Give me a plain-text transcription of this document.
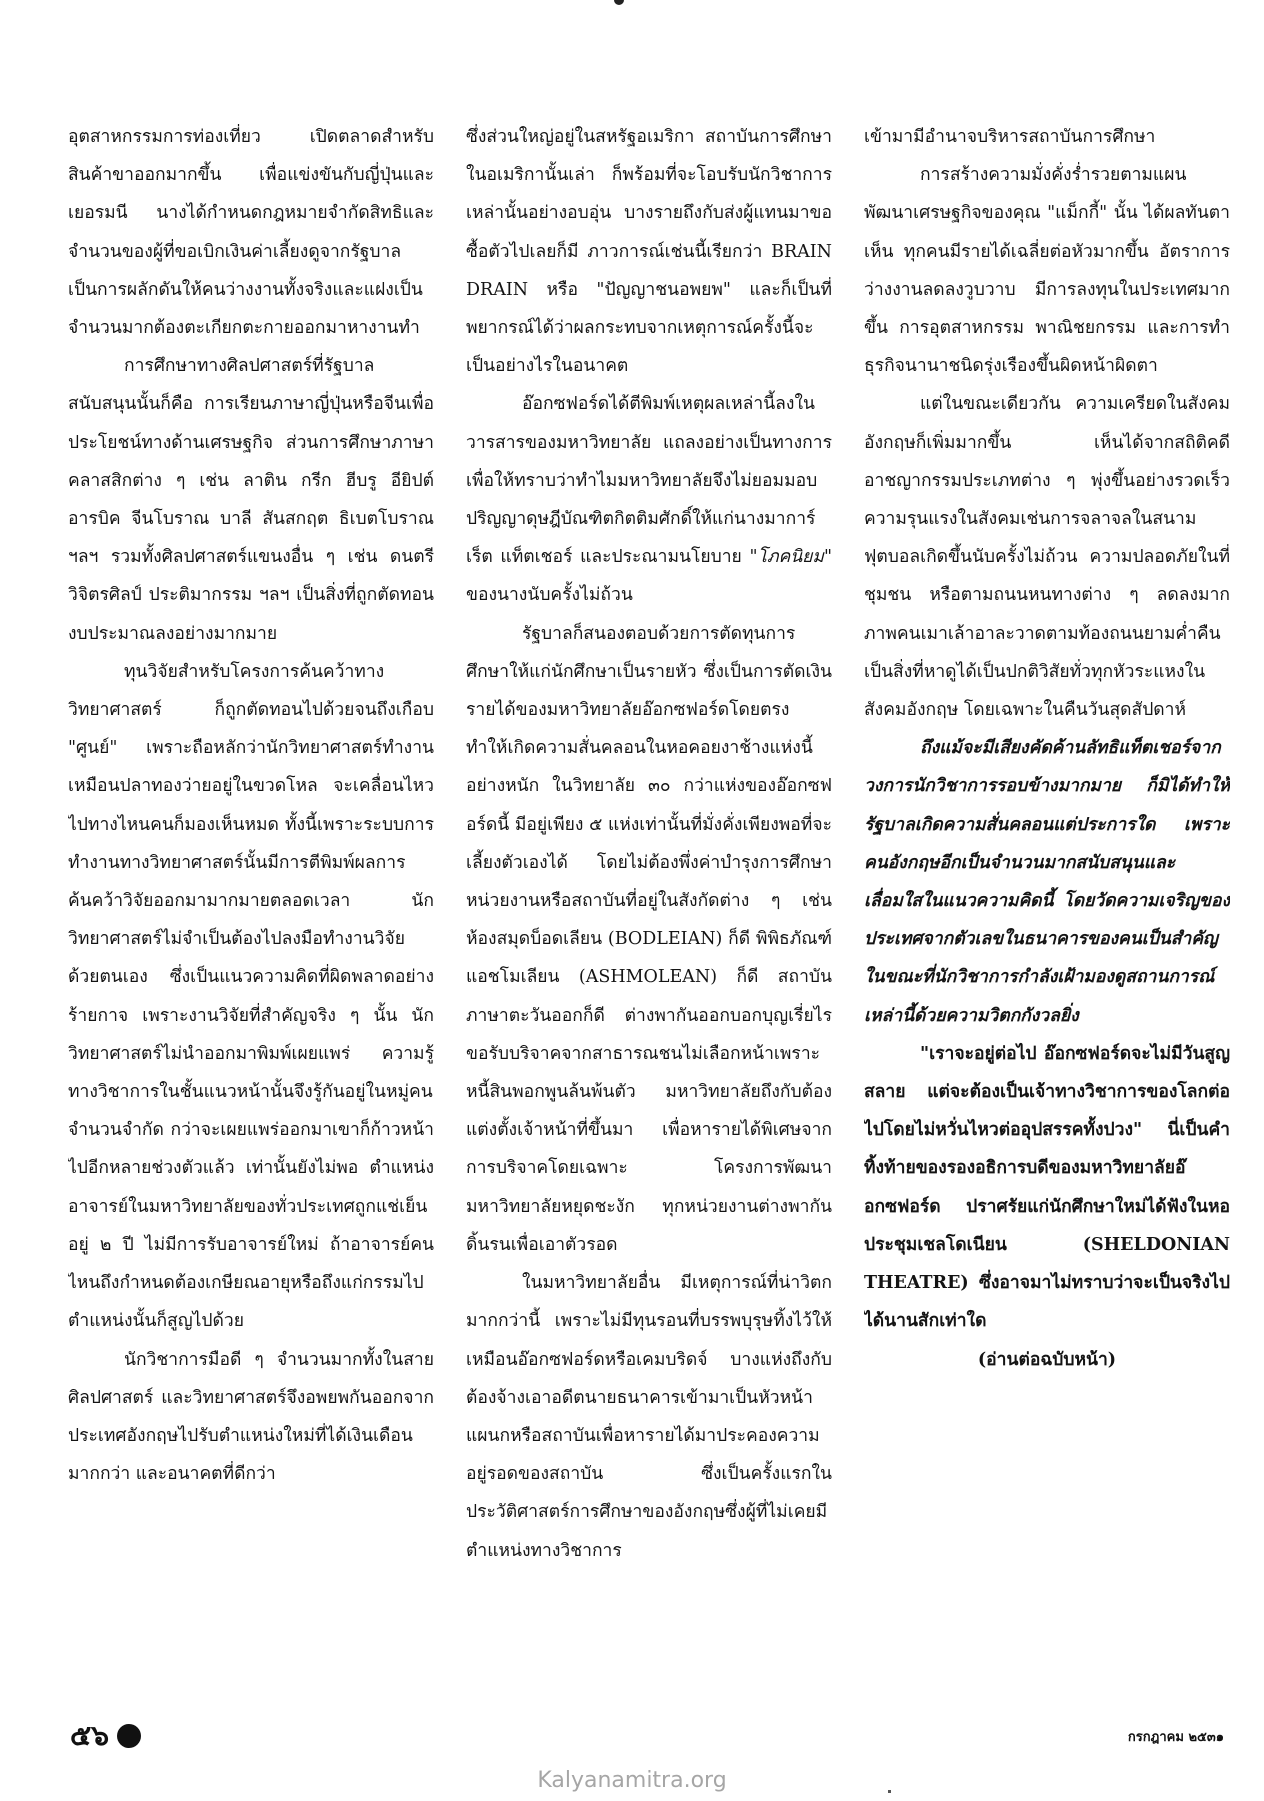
อุตสาหกรรมการท่องเที่ยว เปิดตลาดสำหรับสินค้าขาออกมากขึ้น เพื่อแข่งขันกับญี่ปุ่นและเยอรมนี นางได้กำหนดกฎหมายจำกัดสิทธิและจำนวนของผู้ที่ขอเบิกเงินค่าเลี้ยงดูจากรัฐบาล เป็นการผลักดันให้คนว่างงานทั้งจริงและแฝงเป็นจำนวนมากต้องตะเกียกตะกายออกมาหางานทำ

การศึกษาทางศิลปศาสตร์ที่รัฐบาลสนับสนุนนั้นก็คือ การเรียนภาษาญี่ปุ่นหรือจีนเพื่อประโยชน์ทางด้านเศรษฐกิจ ส่วนการศึกษาภาษาคลาสสิกต่าง ๆ เช่น ลาติน กรีก ฮีบรู อียิปต์ อารบิค จีนโบราณ บาลี สันสกฤต ธิเบตโบราณ ฯลฯ รวมทั้งศิลปศาสตร์แขนงอื่น ๆ เช่น ดนตรี วิจิตรศิลป์ ประติมากรรม ฯลฯ เป็นสิ่งที่ถูกตัดทอนงบประมาณลงอย่างมากมาย

ทุนวิจัยสำหรับโครงการค้นคว้าทางวิทยาศาสตร์ ก็ถูกตัดทอนไปด้วยจนถึงเกือบ "ศูนย์" เพราะถือหลักว่านักวิทยาศาสตร์ทำงานเหมือนปลาทองว่ายอยู่ในขวดโหล จะเคลื่อนไหวไปทางไหนคนก็มองเห็นหมด ทั้งนี้เพราะระบบการทำงานทางวิทยาศาสตร์นั้นมีการตีพิมพ์ผลการค้นคว้าวิจัยออกมามากมายตลอดเวลา นักวิทยาศาสตร์ไม่จำเป็นต้องไปลงมือทำงานวิจัยด้วยตนเอง ซึ่งเป็นแนวความคิดที่ผิดพลาดอย่างร้ายกาจ เพราะงานวิจัยที่สำคัญจริง ๆ นั้น นักวิทยาศาสตร์ไม่นำออกมาพิมพ์เผยแพร่ ความรู้ทางวิชาการในชั้นแนวหน้านั้นจึงรู้กันอยู่ในหมู่คนจำนวนจำกัด กว่าจะเผยแพร่ออกมาเขาก็ก้าวหน้าไปอีกหลายช่วงตัวแล้ว เท่านั้นยังไม่พอ ตำแหน่งอาจารย์ในมหาวิทยาลัยของทั่วประเทศถูกแช่เย็นอยู่ ๒ ปี ไม่มีการรับอาจารย์ใหม่ ถ้าอาจารย์คนไหนถึงกำหนดต้องเกษียณอายุหรือถึงแก่กรรมไป ตำแหน่งนั้นก็สูญไปด้วย

นักวิชาการมือดี ๆ จำนวนมากทั้งในสายศิลปศาสตร์ และวิทยาศาสตร์จึงอพยพกันออกจากประเทศอังกฤษไปรับตำแหน่งใหม่ที่ได้เงินเดือนมากกว่า และอนาคตที่ดีกว่า

ซึ่งส่วนใหญ่อยู่ในสหรัฐอเมริกา สถาบันการศึกษาในอเมริกานั้นเล่า ก็พร้อมที่จะโอบรับนักวิชาการเหล่านั้นอย่างอบอุ่น บางรายถึงกับส่งผู้แทนมาขอซื้อตัวไปเลยก็มี ภาวการณ์เช่นนี้เรียกว่า BRAIN DRAIN หรือ "ปัญญาชนอพยพ" และก็เป็นที่พยากรณ์ได้ว่าผลกระทบจากเหตุการณ์ครั้งนี้จะเป็นอย่างไรในอนาคต

อ๊อกซฟอร์ดได้ตีพิมพ์เหตุผลเหล่านี้ลงในวารสารของมหาวิทยาลัย แถลงอย่างเป็นทางการ เพื่อให้ทราบว่าทำไมมหาวิทยาลัยจึงไม่ยอมมอบปริญญาดุษฎีบัณฑิตกิตติมศักดิ์ให้แก่นางมาการ์เร็ต แท็ตเชอร์ และประณามนโยบาย "โภคนิยม" ของนางนับครั้งไม่ถ้วน

รัฐบาลก็สนองตอบด้วยการตัดทุนการศึกษาให้แก่นักศึกษาเป็นรายหัว ซึ่งเป็นการตัดเงินรายได้ของมหาวิทยาลัยอ๊อกซฟอร์ดโดยตรง ทำให้เกิดความสั่นคลอนในหอคอยงาช้างแห่งนี้อย่างหนัก ในวิทยาลัย ๓๐ กว่าแห่งของอ๊อกซฟอร์ดนี้ มีอยู่เพียง ๕ แห่งเท่านั้นที่มั่งคั่งเพียงพอที่จะเลี้ยงตัวเองได้ โดยไม่ต้องพึ่งค่าบำรุงการศึกษา หน่วยงานหรือสถาบันที่อยู่ในสังกัดต่าง ๆ เช่น ห้องสมุดบ็อดเลียน (BODLEIAN) ก็ดี พิพิธภัณฑ์แอชโมเลียน (ASHMOLEAN) ก็ดี สถาบันภาษาตะวันออกก็ดี ต่างพากันออกบอกบุญเรี่ยไรขอรับบริจาคจากสาธารณชนไม่เลือกหน้าเพราะหนี้สินพอกพูนล้นพ้นตัว มหาวิทยาลัยถึงกับต้องแต่งตั้งเจ้าหน้าที่ขึ้นมา เพื่อหารายได้พิเศษจากการบริจาคโดยเฉพาะ โครงการพัฒนามหาวิทยาลัยหยุดชะงัก ทุกหน่วยงานต่างพากันดิ้นรนเพื่อเอาตัวรอด

ในมหาวิทยาลัยอื่น มีเหตุการณ์ที่น่าวิตกมากกว่านี้ เพราะไม่มีทุนรอนที่บรรพบุรุษทิ้งไว้ให้เหมือนอ๊อกซฟอร์ดหรือเคมบริดจ์ บางแห่งถึงกับต้องจ้างเอาอดีตนายธนาคารเข้ามาเป็นหัวหน้าแผนกหรือสถาบันเพื่อหารายได้มาประคองความอยู่รอดของสถาบัน ซึ่งเป็นครั้งแรกในประวัติศาสตร์การศึกษาของอังกฤษซึ่งผู้ที่ไม่เคยมีตำแหน่งทางวิชาการ

เข้ามามีอำนาจบริหารสถาบันการศึกษา

การสร้างความมั่งคั่งร่ำรวยตามแผนพัฒนาเศรษฐกิจของคุณ "แม็กกี้" นั้น ได้ผลทันตาเห็น ทุกคนมีรายได้เฉลี่ยต่อหัวมากขึ้น อัตราการว่างงานลดลงวูบวาบ มีการลงทุนในประเทศมากขึ้น การอุตสาหกรรม พาณิชยกรรม และการทำธุรกิจนานาชนิดรุ่งเรืองขึ้นผิดหน้าผิดตา

แต่ในขณะเดียวกัน ความเครียดในสังคมอังกฤษก็เพิ่มมากขึ้น เห็นได้จากสถิติคดีอาชญากรรมประเภทต่าง ๆ พุ่งขึ้นอย่างรวดเร็ว ความรุนแรงในสังคมเช่นการจลาจลในสนามฟุตบอลเกิดขึ้นนับครั้งไม่ถ้วน ความปลอดภัยในที่ชุมชน หรือตามถนนหนทางต่าง ๆ ลดลงมาก ภาพคนเมาเล้าอาละวาดตามท้องถนนยามค่ำคืนเป็นสิ่งที่หาดูได้เป็นปกติวิสัยทั่วทุกหัวระแหงในสังคมอังกฤษ โดยเฉพาะในคืนวันสุดสัปดาห์

ถึงแม้จะมีเสียงคัดค้านลัทธิแท็ตเชอร์จากวงการนักวิชาการรอบข้างมากมาย ก็มิได้ทำให้รัฐบาลเกิดความสั่นคลอนแต่ประการใด เพราะคนอังกฤษอีกเป็นจำนวนมากสนับสนุนและเลื่อมใสในแนวความคิดนี้ โดยวัดความเจริญของประเทศจากตัวเลขในธนาคารของคนเป็นสำคัญ ในขณะที่นักวิชาการกำลังเฝ้ามองดูสถานการณ์เหล่านี้ด้วยความวิตกกังวลยิ่ง

"เราจะอยู่ต่อไป อ๊อกซฟอร์ดจะไม่มีวันสูญสลาย แต่จะต้องเป็นเจ้าทางวิชาการของโลกต่อไปโดยไม่หวั่นไหวต่ออุปสรรคทั้งปวง" นี่เป็นคำทิ้งท้ายของรองอธิการบดีของมหาวิทยาลัยอ๊อกซฟอร์ด ปราศรัยแก่นักศึกษาใหม่ได้ฟังในหอประชุมเชลโดเนียน (SHELDONIAN THEATRE) ซึ่งอาจมาไม่ทราบว่าจะเป็นจริงไปได้นานสักเท่าใด

(อ่านต่อฉบับหน้า)

๕๖	กรกฎาคม ๒๕๓๑
Kalyanamitra.org
